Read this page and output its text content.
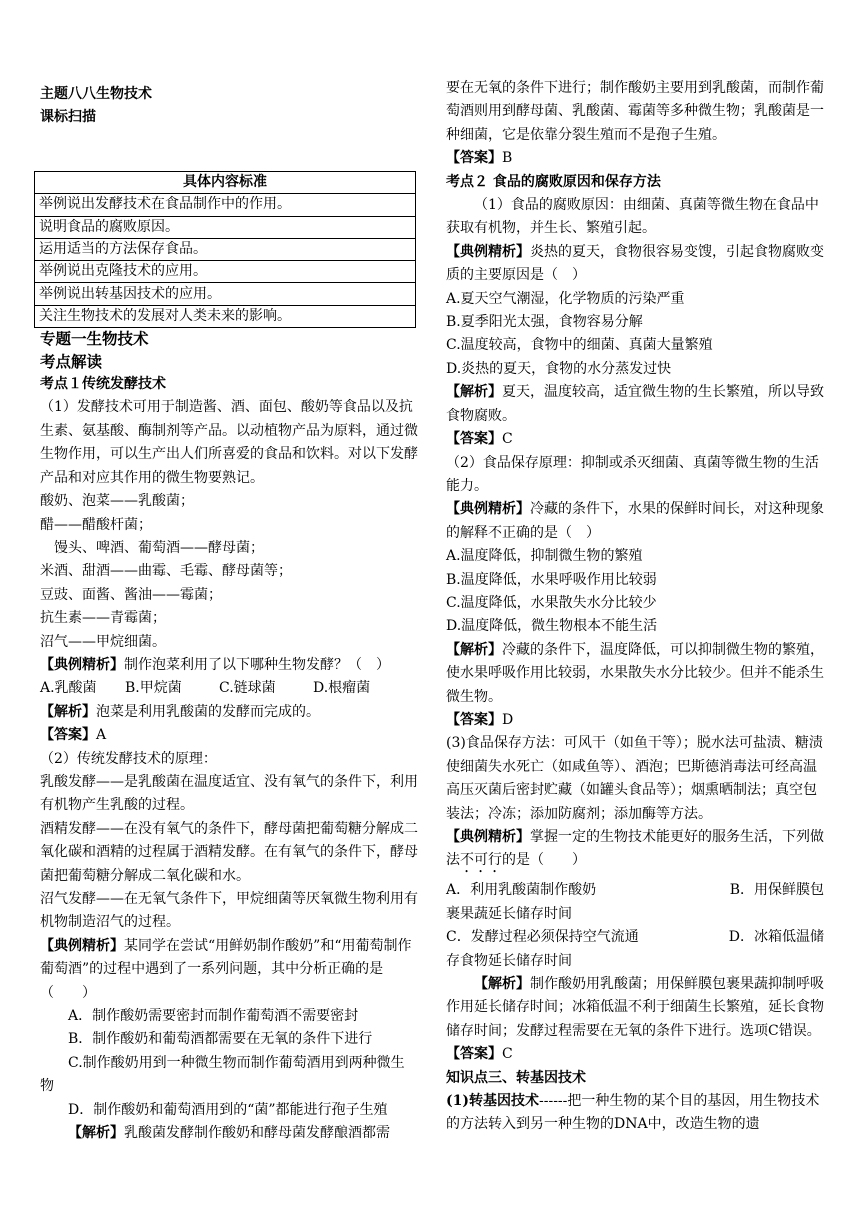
主题八八生物技术

课标扫描

具体内容标准
举例说出发酵技术在食品制作中的作用。
说明食品的腐败原因。
运用适当的方法保存食品。
举例说出克隆技术的应用。
举例说出转基因技术的应用。
关注生物技术的发展对人类未来的影响。

专题一生物技术

考点解读

考点１传统发酵技术

（1）发酵技术可用于制造酱、酒、面包、酸奶等食品以及抗生素、氨基酸、酶制剂等产品。以动植物产品为原料，通过微生物作用，可以生产出人们所喜爱的食品和饮料。对以下发酵产品和对应其作用的微生物要熟记。

酸奶、泡菜——乳酸菌；

醋——醋酸杆菌；

馒头、啤酒、葡萄酒——酵母菌；

米酒、甜酒——曲霉、毛霉、酵母菌等；

豆豉、面酱、酱油——霉菌；

抗生素——青霉菌；

沼气——甲烷细菌。

【典例精析】制作泡菜利用了以下哪种生物发酵？（　）

A.乳酸菌 B.甲烷菌	C.链球菌	D.根瘤菌

【解析】泡菜是利用乳酸菌的发酵而完成的。

【答案】A

（2）传统发酵技术的原理：

乳酸发酵——是乳酸菌在温度适宜、没有氧气的条件下，利用有机物产生乳酸的过程。

酒精发酵——在没有氧气的条件下，酵母菌把葡萄糖分解成二氧化碳和酒精的过程属于酒精发酵。在有氧气的条件下，酵母菌把葡萄糖分解成二氧化碳和水。

沼气发酵——在无氧气条件下，甲烷细菌等厌氧微生物利用有机物制造沼气的过程。

【典例精析】某同学在尝试“用鲜奶制作酸奶”和“用葡萄制作葡萄酒”的过程中遇到了一系列问题，其中分析正确的是（　　）

A．制作酸奶需要密封而制作葡萄酒不需要密封

B．制作酸奶和葡萄酒都需要在无氧的条件下进行

C.制作酸奶用到一种微生物而制作葡萄酒用到两种微生物

D．制作酸奶和葡萄酒用到的“菌”都能进行孢子生殖

【解析】乳酸菌发酵制作酸奶和酵母菌发酵酿酒都需

要在无氧的条件下进行；制作酸奶主要用到乳酸菌，而制作葡萄酒则用到酵母菌、乳酸菌、霉菌等多种微生物；乳酸菌是一种细菌，它是依靠分裂生殖而不是孢子生殖。

【答案】B

考点２ 食品的腐败原因和保存方法

（1）食品的腐败原因：由细菌、真菌等微生物在食品中获取有机物，并生长、繁殖引起。

【典例精析】炎热的夏天，食物很容易变馊，引起食物腐败变质的主要原因是（　）

A.夏天空气潮湿，化学物质的污染严重

B.夏季阳光太强，食物容易分解

C.温度较高，食物中的细菌、真菌大量繁殖

D.炎热的夏天，食物的水分蒸发过快

【解析】夏天，温度较高，适宜微生物的生长繁殖，所以导致食物腐败。

【答案】C

（2）食品保存原理：抑制或杀灭细菌、真菌等微生物的生活能力。

【典例精析】冷藏的条件下，水果的保鲜时间长，对这种现象的解释不正确的是（　）

A.温度降低，抑制微生物的繁殖

B.温度降低，水果呼吸作用比较弱

C.温度降低，水果散失水分比较少

D.温度降低，微生物根本不能生活

【解析】冷藏的条件下，温度降低，可以抑制微生物的繁殖，使水果呼吸作用比较弱，水果散失水分比较少。但并不能杀生微生物。

【答案】D

(3)食品保存方法：可风干（如鱼干等）；脱水法可盐渍、糖渍使细菌失水死亡（如咸鱼等）、酒泡；巴斯德消毒法可经高温高压灭菌后密封贮藏（如罐头食品等）；烟熏晒制法；真空包装法；冷冻；添加防腐剂；添加酶等方法。

【典例精析】掌握一定的生物技术能更好的服务生活，下列做法不可行的是（　　）

A．利用乳酸菌制作酸奶	B．用保鲜膜包

裹果蔬延长储存时间

C．发酵过程必须保持空气流通	D．冰箱低温储

存食物延长储存时间

【解析】制作酸奶用乳酸菌；用保鲜膜包裹果蔬抑制呼吸作用延长储存时间；冰箱低温不利于细菌生长繁殖，延长食物储存时间；发酵过程需要在无氧的条件下进行。选项C错误。

【答案】C

知识点三、转基因技术

(1)转基因技术------把一种生物的某个目的基因，用生物技术的方法转入到另一种生物的DNA中，改造生物的遗
